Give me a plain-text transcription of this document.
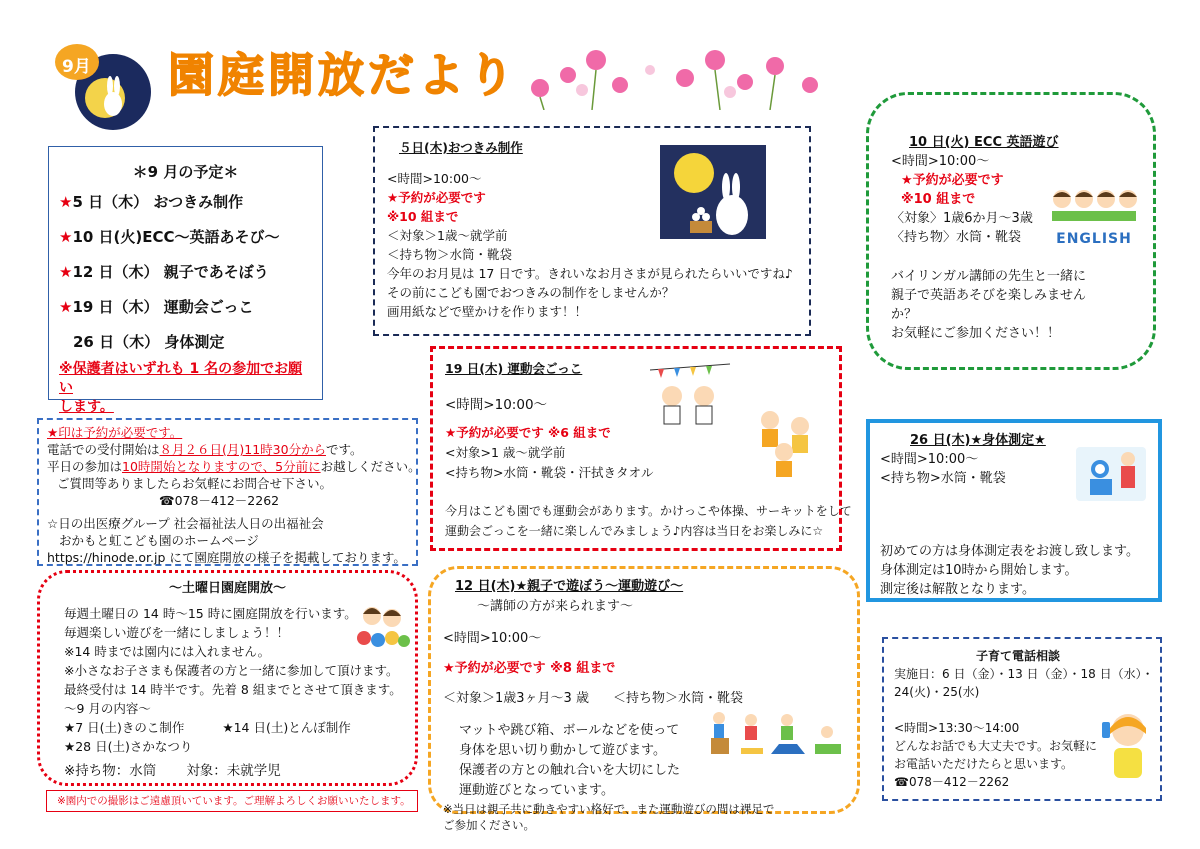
9月 園庭開放だより
＊9 月の予定＊
★5 日（木） おつきみ制作
★10 日(火)ECC～英語あそび～
★12 日（木） 親子であそぼう
★19 日（木） 運動会ごっこ
26 日（木） 身体測定
※保護者はいずれも 1 名の参加でお願い
します。
★印は予約が必要です。
電話での受付開始は８月２６日(月)11時30分からです。
平日の参加は10時開始となりますので、5分前にお越しください。
ご質問等ありましたらお気軽にお問合せ下さい。
☎078－412－2262
☆日の出医療グループ 社会福祉法人日の出福祉会
おかもと虹こども園のホームページ
https://hinode.or.jp にて園庭開放の様子を掲載しております。
～土曜日園庭開放～
毎週土曜日の 14 時～15 時に園庭開放を行います。
毎週楽しい遊びを一緒にしましょう！！
※14 時までは園内には入れません。
※小さなお子さまも保護者の方と一緒に参加して頂けます。
最終受付は 14 時半です。先着 8 組までとさせて頂きます。
～9 月の内容～
★7 日(土)きのこ制作	★14 日(土)とんぼ制作
★28 日(土)さかなつり
※持ち物：水筒 対象：未就学児
※園内での撮影はご遠慮頂いています。ご理解よろしくお願いいたします。
５日(木)おつきみ制作
<時間>10:00～
★予約が必要です
※10 組まで
＜対象＞1歳～就学前
＜持ち物＞水筒・靴袋
今年のお月見は 17 日です。きれいなお月さまが見られたらいいですね♪
その前にこども園でおつきみの制作をしませんか？
画用紙などで壁かけを作ります！！
19 日(木) 運動会ごっこ
<時間>10:00～
★予約が必要です ※6 組まで
<対象>1 歳～就学前
<持ち物>水筒・靴袋・汗拭きタオル
今月はこども園でも運動会があります。かけっこや体操、サーキットをして
運動会ごっこを一緒に楽しんでみましょう♪内容は当日をお楽しみに☆
12 日(木)★親子で遊ぼう～運動遊び～
～講師の方が来られます～
<時間>10:00～
★予約が必要です ※8 組まで
＜対象＞1歳3ヶ月～3 歳 ＜持ち物＞水筒・靴袋
マットや跳び箱、ボールなどを使って
身体を思い切り動かして遊びます。
保護者の方との触れ合いを大切にした
運動遊びとなっています。
※当日は親子共に動きやすい格好で、また運動遊びの間は裸足で
ご参加ください。
10 日(火) ECC 英語遊び
<時間>10:00～
★予約が必要です
※10 組まで
〈対象〉1歳6か月～3歳
〈持ち物〉水筒・靴袋
バイリンガル講師の先生と一緒に
親子で英語あそびを楽しみません
か？
お気軽にご参加ください！！
ENGLISH
26 日(木)★身体測定★
<時間>10:00～
<持ち物>水筒・靴袋
初めての方は身体測定表をお渡し致します。
身体測定は10時から開始します。
測定後は解散となります。
子育て電話相談
実施日：6 日（金）・13 日（金）・18 日（水）・
24(火)・25(水)
<時間>13:30～14:00
どんなお話でも大丈夫です。お気軽に
お電話いただけたらと思います。
☎078－412－2262
